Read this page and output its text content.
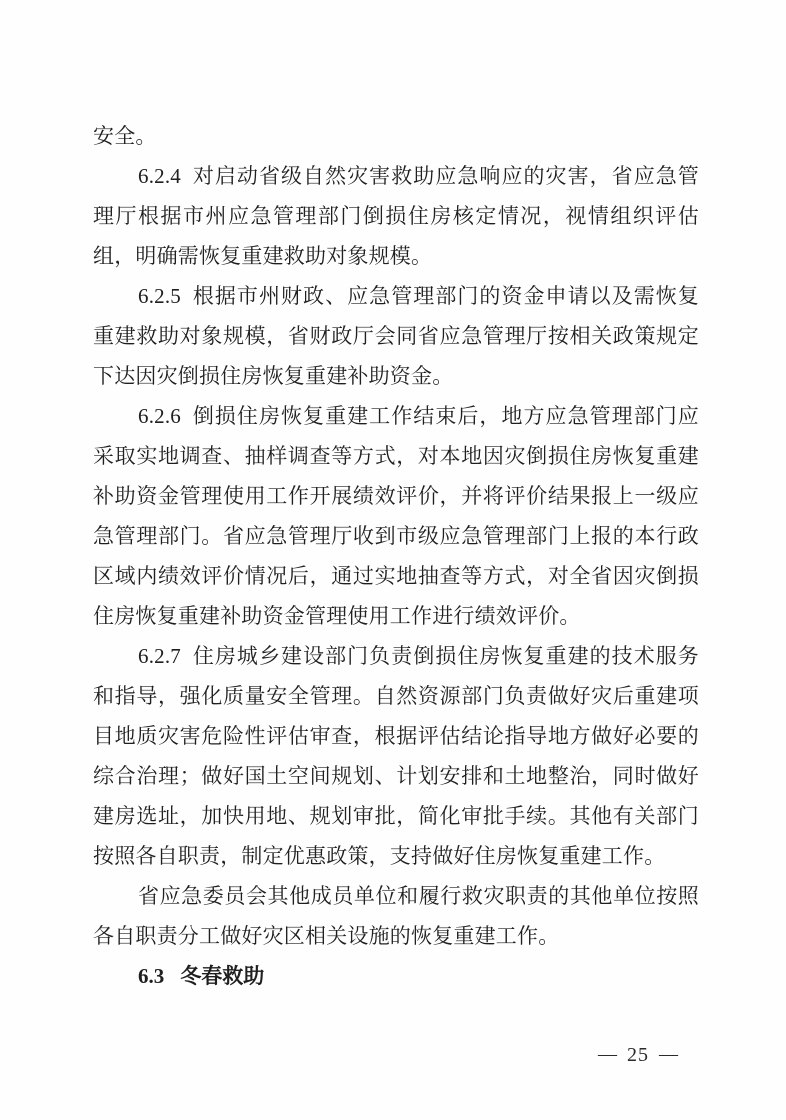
安全。

6.2.4 对启动省级自然灾害救助应急响应的灾害，省应急管理厅根据市州应急管理部门倒损住房核定情况，视情组织评估组，明确需恢复重建救助对象规模。

6.2.5 根据市州财政、应急管理部门的资金申请以及需恢复重建救助对象规模，省财政厅会同省应急管理厅按相关政策规定下达因灾倒损住房恢复重建补助资金。

6.2.6 倒损住房恢复重建工作结束后，地方应急管理部门应采取实地调查、抽样调查等方式，对本地因灾倒损住房恢复重建补助资金管理使用工作开展绩效评价，并将评价结果报上一级应急管理部门。省应急管理厅收到市级应急管理部门上报的本行政区域内绩效评价情况后，通过实地抽查等方式，对全省因灾倒损住房恢复重建补助资金管理使用工作进行绩效评价。

6.2.7 住房城乡建设部门负责倒损住房恢复重建的技术服务和指导，强化质量安全管理。自然资源部门负责做好灾后重建项目地质灾害危险性评估审查，根据评估结论指导地方做好必要的综合治理；做好国土空间规划、计划安排和土地整治，同时做好建房选址，加快用地、规划审批，简化审批手续。其他有关部门按照各自职责，制定优惠政策，支持做好住房恢复重建工作。

省应急委员会其他成员单位和履行救灾职责的其他单位按照各自职责分工做好灾区相关设施的恢复重建工作。

6.3 冬春救助

— 25 —
